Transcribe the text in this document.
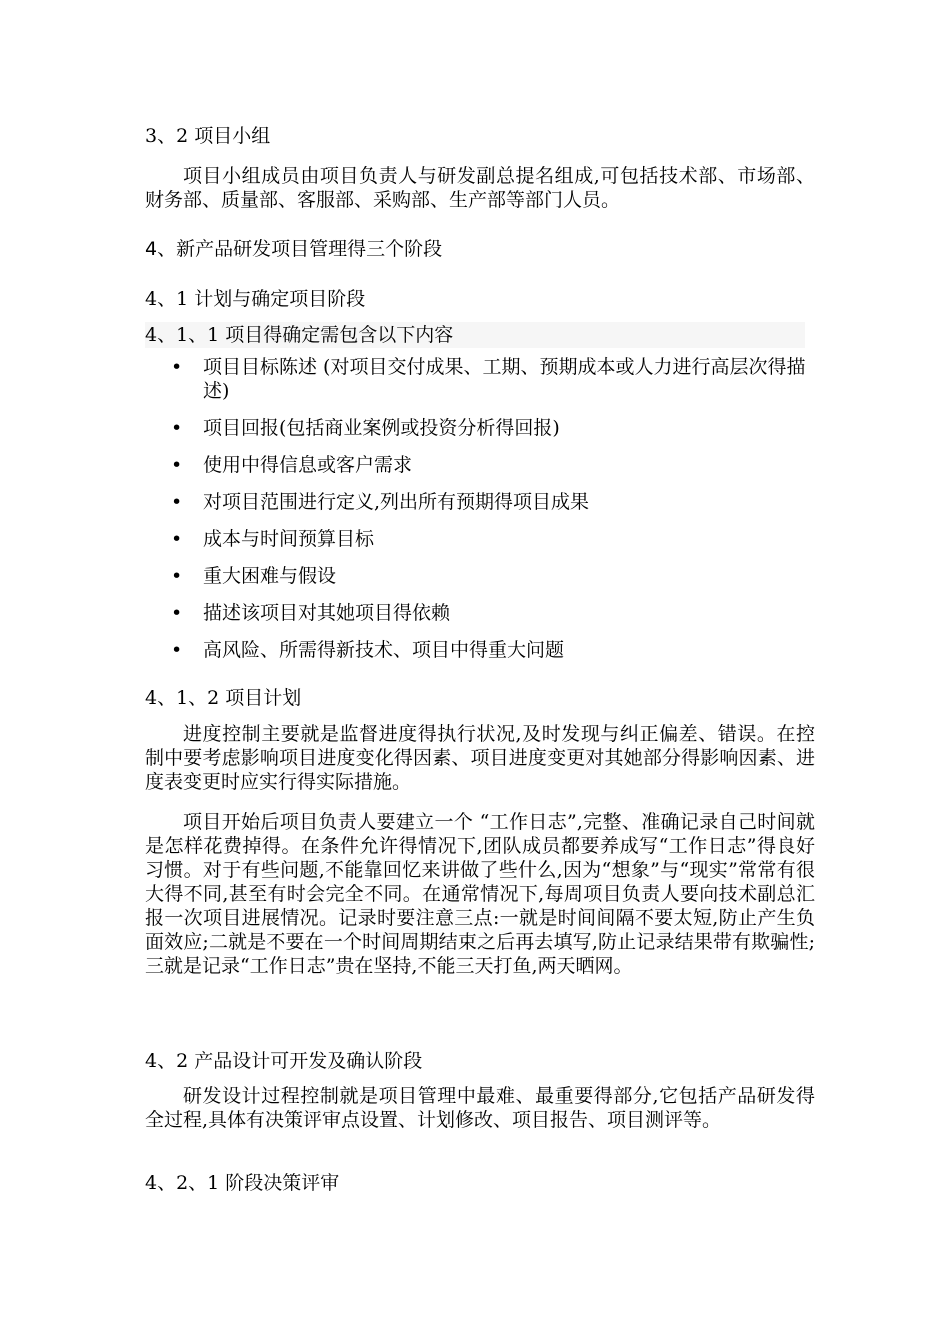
3、2 项目小组

项目小组成员由项目负责人与研发副总提名组成,可包括技术部、市场部、财务部、质量部、客服部、采购部、生产部等部门人员。

4、新产品研发项目管理得三个阶段
4、1 计划与确定项目阶段
4、1、1 项目得确定需包含以下内容
• 项目目标陈述 (对项目交付成果、工期、预期成本或人力进行高层次得描述)
• 项目回报(包括商业案例或投资分析得回报)
• 使用中得信息或客户需求
• 对项目范围进行定义,列出所有预期得项目成果
• 成本与时间预算目标
• 重大困难与假设
• 描述该项目对其她项目得依赖
• 高风险、所需得新技术、项目中得重大问题
4、1、2 项目计划

进度控制主要就是监督进度得执行状况,及时发现与纠正偏差、错误。在控制中要考虑影响项目进度变化得因素、项目进度变更对其她部分得影响因素、进度表变更时应实行得实际措施。

项目开始后项目负责人要建立一个 “工作日志”,完整、准确记录自己时间就是怎样花费掉得。在条件允许得情况下,团队成员都要养成写“工作日志”得良好习惯。对于有些问题,不能靠回忆来讲做了些什么,因为“想象”与“现实”常常有很大得不同,甚至有时会完全不同。在通常情况下,每周项目负责人要向技术副总汇报一次项目进展情况。记录时要注意三点:一就是时间间隔不要太短,防止产生负面效应;二就是不要在一个时间周期结束之后再去填写,防止记录结果带有欺骗性;三就是记录“工作日志”贵在坚持,不能三天打鱼,两天晒网。

4、2 产品设计可开发及确认阶段

研发设计过程控制就是项目管理中最难、最重要得部分,它包括产品研发得全过程,具体有决策评审点设置、计划修改、项目报告、项目测评等。

4、2、1 阶段决策评审
